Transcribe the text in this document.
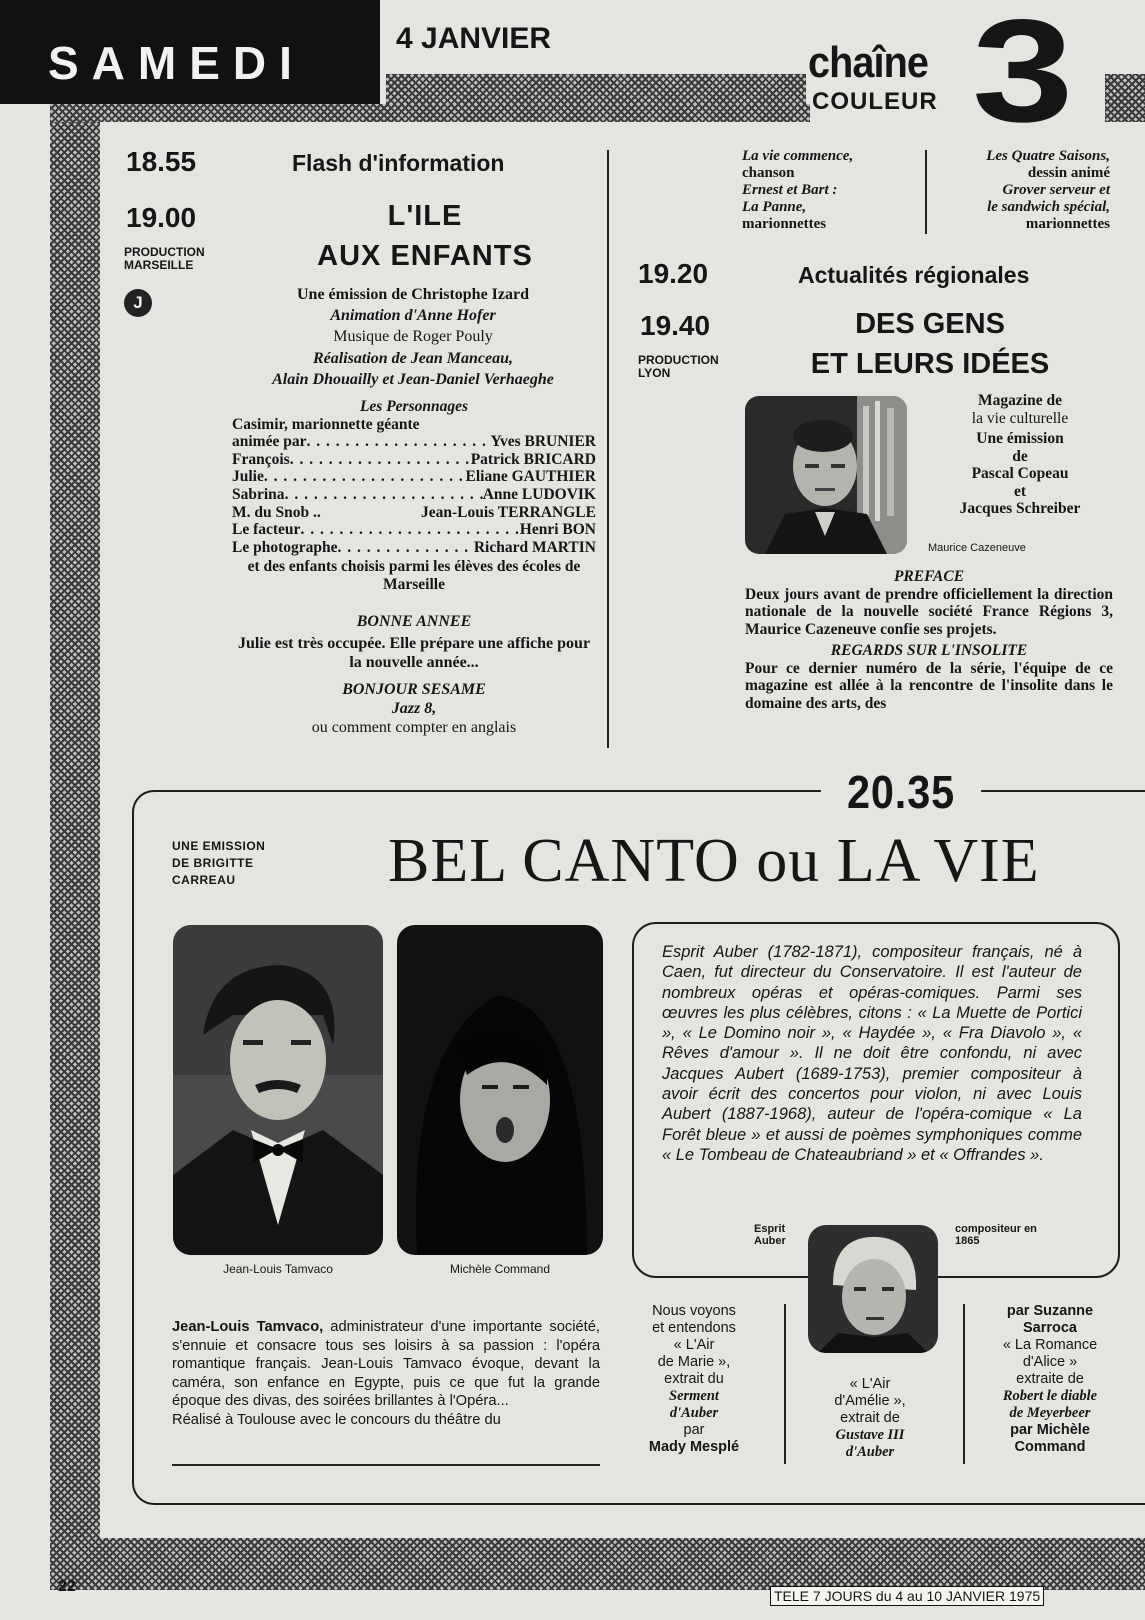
SAMEDI	4 JANVIER	chaîne
COULEUR 3
18.55	Flash d'information
19.00
PRODUCTION MARSEILLE
J
L'ILE
AUX ENFANTS
Une émission de Christophe Izard
Animation d'Anne Hofer
Musique de Roger Pouly
Réalisation de Jean Manceau,
Alain Dhouailly et Jean-Daniel Verhaeghe
Les Personnages
Casimir, marionnette géante
animée par . . .	Yves BRUNIER
François . . .	Patrick BRICARD
Julie . . .	Eliane GAUTHIER
Sabrina . . .	Anne LUDOVIK
M. du Snob ..	Jean-Louis TERRANGLE
Le facteur . . .	Henri BON
Le photographe . . .	Richard MARTIN
et des enfants choisis parmi les élèves des écoles de Marseille
BONNE ANNEE
Julie est très occupée. Elle prépare une affiche pour la nouvelle année...
BONJOUR SESAME
Jazz 8,
ou comment compter en anglais
La vie commence,
chanson
Ernest et Bart :
La Panne,
marionnettes
Les Quatre Saisons,
dessin animé
Grover serveur et
le sandwich spécial,
marionnettes
19.20	Actualités régionales
19.40
PRODUCTION LYON
DES GENS
ET LEURS IDÉES
Maurice Cazeneuve
Magazine de
la vie culturelle
Une émission
de
Pascal Copeau
et
Jacques Schreiber
PREFACE
Deux jours avant de prendre officiellement la direction nationale de la nouvelle société France Régions 3, Maurice Cazeneuve confie ses projets.
REGARDS SUR L'INSOLITE
Pour ce dernier numéro de la série, l'équipe de ce magazine est allée à la rencontre de l'insolite dans le domaine des arts, des
20.35
UNE EMISSION DE BRIGITTE CARREAU	BEL CANTO ou LA VIE
Jean-Louis Tamvaco	Michèle Command
Esprit Auber (1782-1871), compositeur français, né à Caen, fut directeur du Conservatoire. Il est l'auteur de nombreux opéras et opéras-comiques. Parmi ses œuvres les plus célèbres, citons : « La Muette de Portici », « Le Domino noir », « Haydée », « Fra Diavolo », « Rêves d'amour ». Il ne doit être confondu, ni avec Jacques Aubert (1689-1753), premier compositeur à avoir écrit des concertos pour violon, ni avec Louis Aubert (1887-1968), auteur de l'opéra-comique « La Forêt bleue » et aussi de poèmes symphoniques comme « Le Tombeau de Chateaubriand » et « Offrandes ».
Esprit Auber
compositeur en 1865
Jean-Louis Tamvaco, administrateur d'une importante société, s'ennuie et consacre tous ses loisirs à sa passion : l'opéra romantique français. Jean-Louis Tamvaco évoque, devant la caméra, son enfance en Egypte, puis ce que fut la grande époque des divas, des soirées brillantes à l'Opéra...
Réalisé à Toulouse avec le concours du théâtre du
Nous voyons
et entendons
« L'Air
de Marie »,
extrait du
Serment
d'Auber
par
Mady Mesplé
« L'Air
d'Amélie »,
extrait de
Gustave III
d'Auber
par Suzanne
Sarroca
« La Romance
d'Alice »
extraite de
Robert le diable
de Meyerbeer
par Michèle
Command
22
TELE 7 JOURS du 4 au 10 JANVIER 1975
